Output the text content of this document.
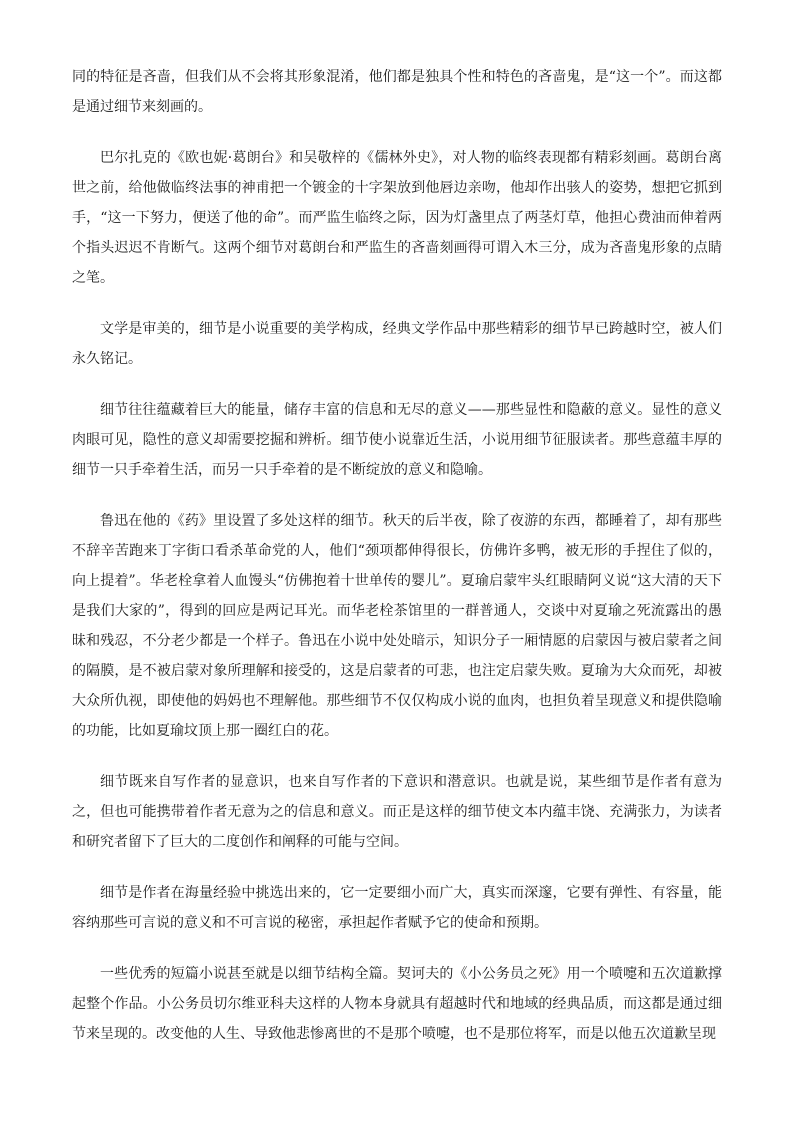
同的特征是吝啬，但我们从不会将其形象混淆，他们都是独具个性和特色的吝啬鬼，是“这一个”。而这都是通过细节来刻画的。

巴尔扎克的《欧也妮·葛朗台》和吴敬梓的《儒林外史》，对人物的临终表现都有精彩刻画。葛朗台离世之前，给他做临终法事的神甫把一个镀金的十字架放到他唇边亲吻，他却作出骇人的姿势，想把它抓到手，“这一下努力，便送了他的命”。而严监生临终之际，因为灯盏里点了两茎灯草，他担心费油而伸着两个指头迟迟不肯断气。这两个细节对葛朗台和严监生的吝啬刻画得可谓入木三分，成为吝啬鬼形象的点睛之笔。

文学是审美的，细节是小说重要的美学构成，经典文学作品中那些精彩的细节早已跨越时空，被人们永久铭记。

细节往往蕴藏着巨大的能量，储存丰富的信息和无尽的意义——那些显性和隐蔽的意义。显性的意义肉眼可见，隐性的意义却需要挖掘和辨析。细节使小说靠近生活，小说用细节征服读者。那些意蕴丰厚的细节一只手牵着生活，而另一只手牵着的是不断绽放的意义和隐喻。

鲁迅在他的《药》里设置了多处这样的细节。秋天的后半夜，除了夜游的东西，都睡着了，却有那些不辞辛苦跑来丁字街口看杀革命党的人，他们“颈项都伸得很长，仿佛许多鸭，被无形的手捏住了似的，向上提着”。华老栓拿着人血馒头“仿佛抱着十世单传的婴儿”。夏瑜启蒙牢头红眼睛阿义说“这大清的天下是我们大家的”，得到的回应是两记耳光。而华老栓茶馆里的一群普通人，交谈中对夏瑜之死流露出的愚昧和残忍，不分老少都是一个样子。鲁迅在小说中处处暗示，知识分子一厢情愿的启蒙因与被启蒙者之间的隔膜，是不被启蒙对象所理解和接受的，这是启蒙者的可悲，也注定启蒙失败。夏瑜为大众而死，却被大众所仇视，即使他的妈妈也不理解他。那些细节不仅仅构成小说的血肉，也担负着呈现意义和提供隐喻的功能，比如夏瑜坟顶上那一圈红白的花。

细节既来自写作者的显意识，也来自写作者的下意识和潜意识。也就是说，某些细节是作者有意为之，但也可能携带着作者无意为之的信息和意义。而正是这样的细节使文本内蕴丰饶、充满张力，为读者和研究者留下了巨大的二度创作和阐释的可能与空间。

细节是作者在海量经验中挑选出来的，它一定要细小而广大，真实而深邃，它要有弹性、有容量，能容纳那些可言说的意义和不可言说的秘密，承担起作者赋予它的使命和预期。

一些优秀的短篇小说甚至就是以细节结构全篇。契诃夫的《小公务员之死》用一个喷嚏和五次道歉撑起整个作品。小公务员切尔维亚科夫这样的人物本身就具有超越时代和地域的经典品质，而这都是通过细节来呈现的。改变他的人生、导致他悲惨离世的不是那个喷嚏，也不是那位将军，而是以他五次道歉呈现
